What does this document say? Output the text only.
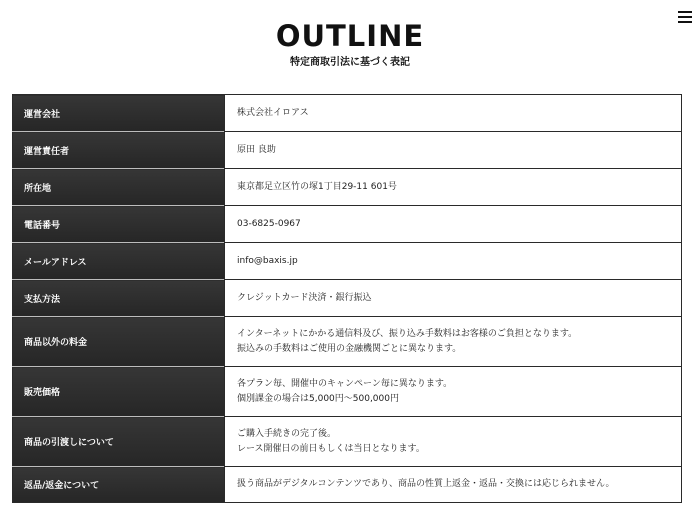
OUTLINE
特定商取引法に基づく表記
運営会社	株式会社イロアス

運営責任者	原田 良助

所在地	東京都足立区竹の塚1丁目29-11 601号

電話番号	03-6825-0967

メールアドレス	info@baxis.jp

支払方法	クレジットカード決済・銀行振込

商品以外の料金	インターネットにかかる通信料及び、振り込み手数料はお客様のご負担となります。
振込みの手数料はご使用の金融機関ごとに異なります。

販売価格	各プラン毎、開催中のキャンペーン毎に異なります。
個別課金の場合は5,000円〜500,000円

商品の引渡しについて	ご購入手続きの完了後。
レース開催日の前日もしくは当日となります。

返品/返金について	扱う商品がデジタルコンテンツであり、商品の性質上返金・返品・交換には応じられません。
